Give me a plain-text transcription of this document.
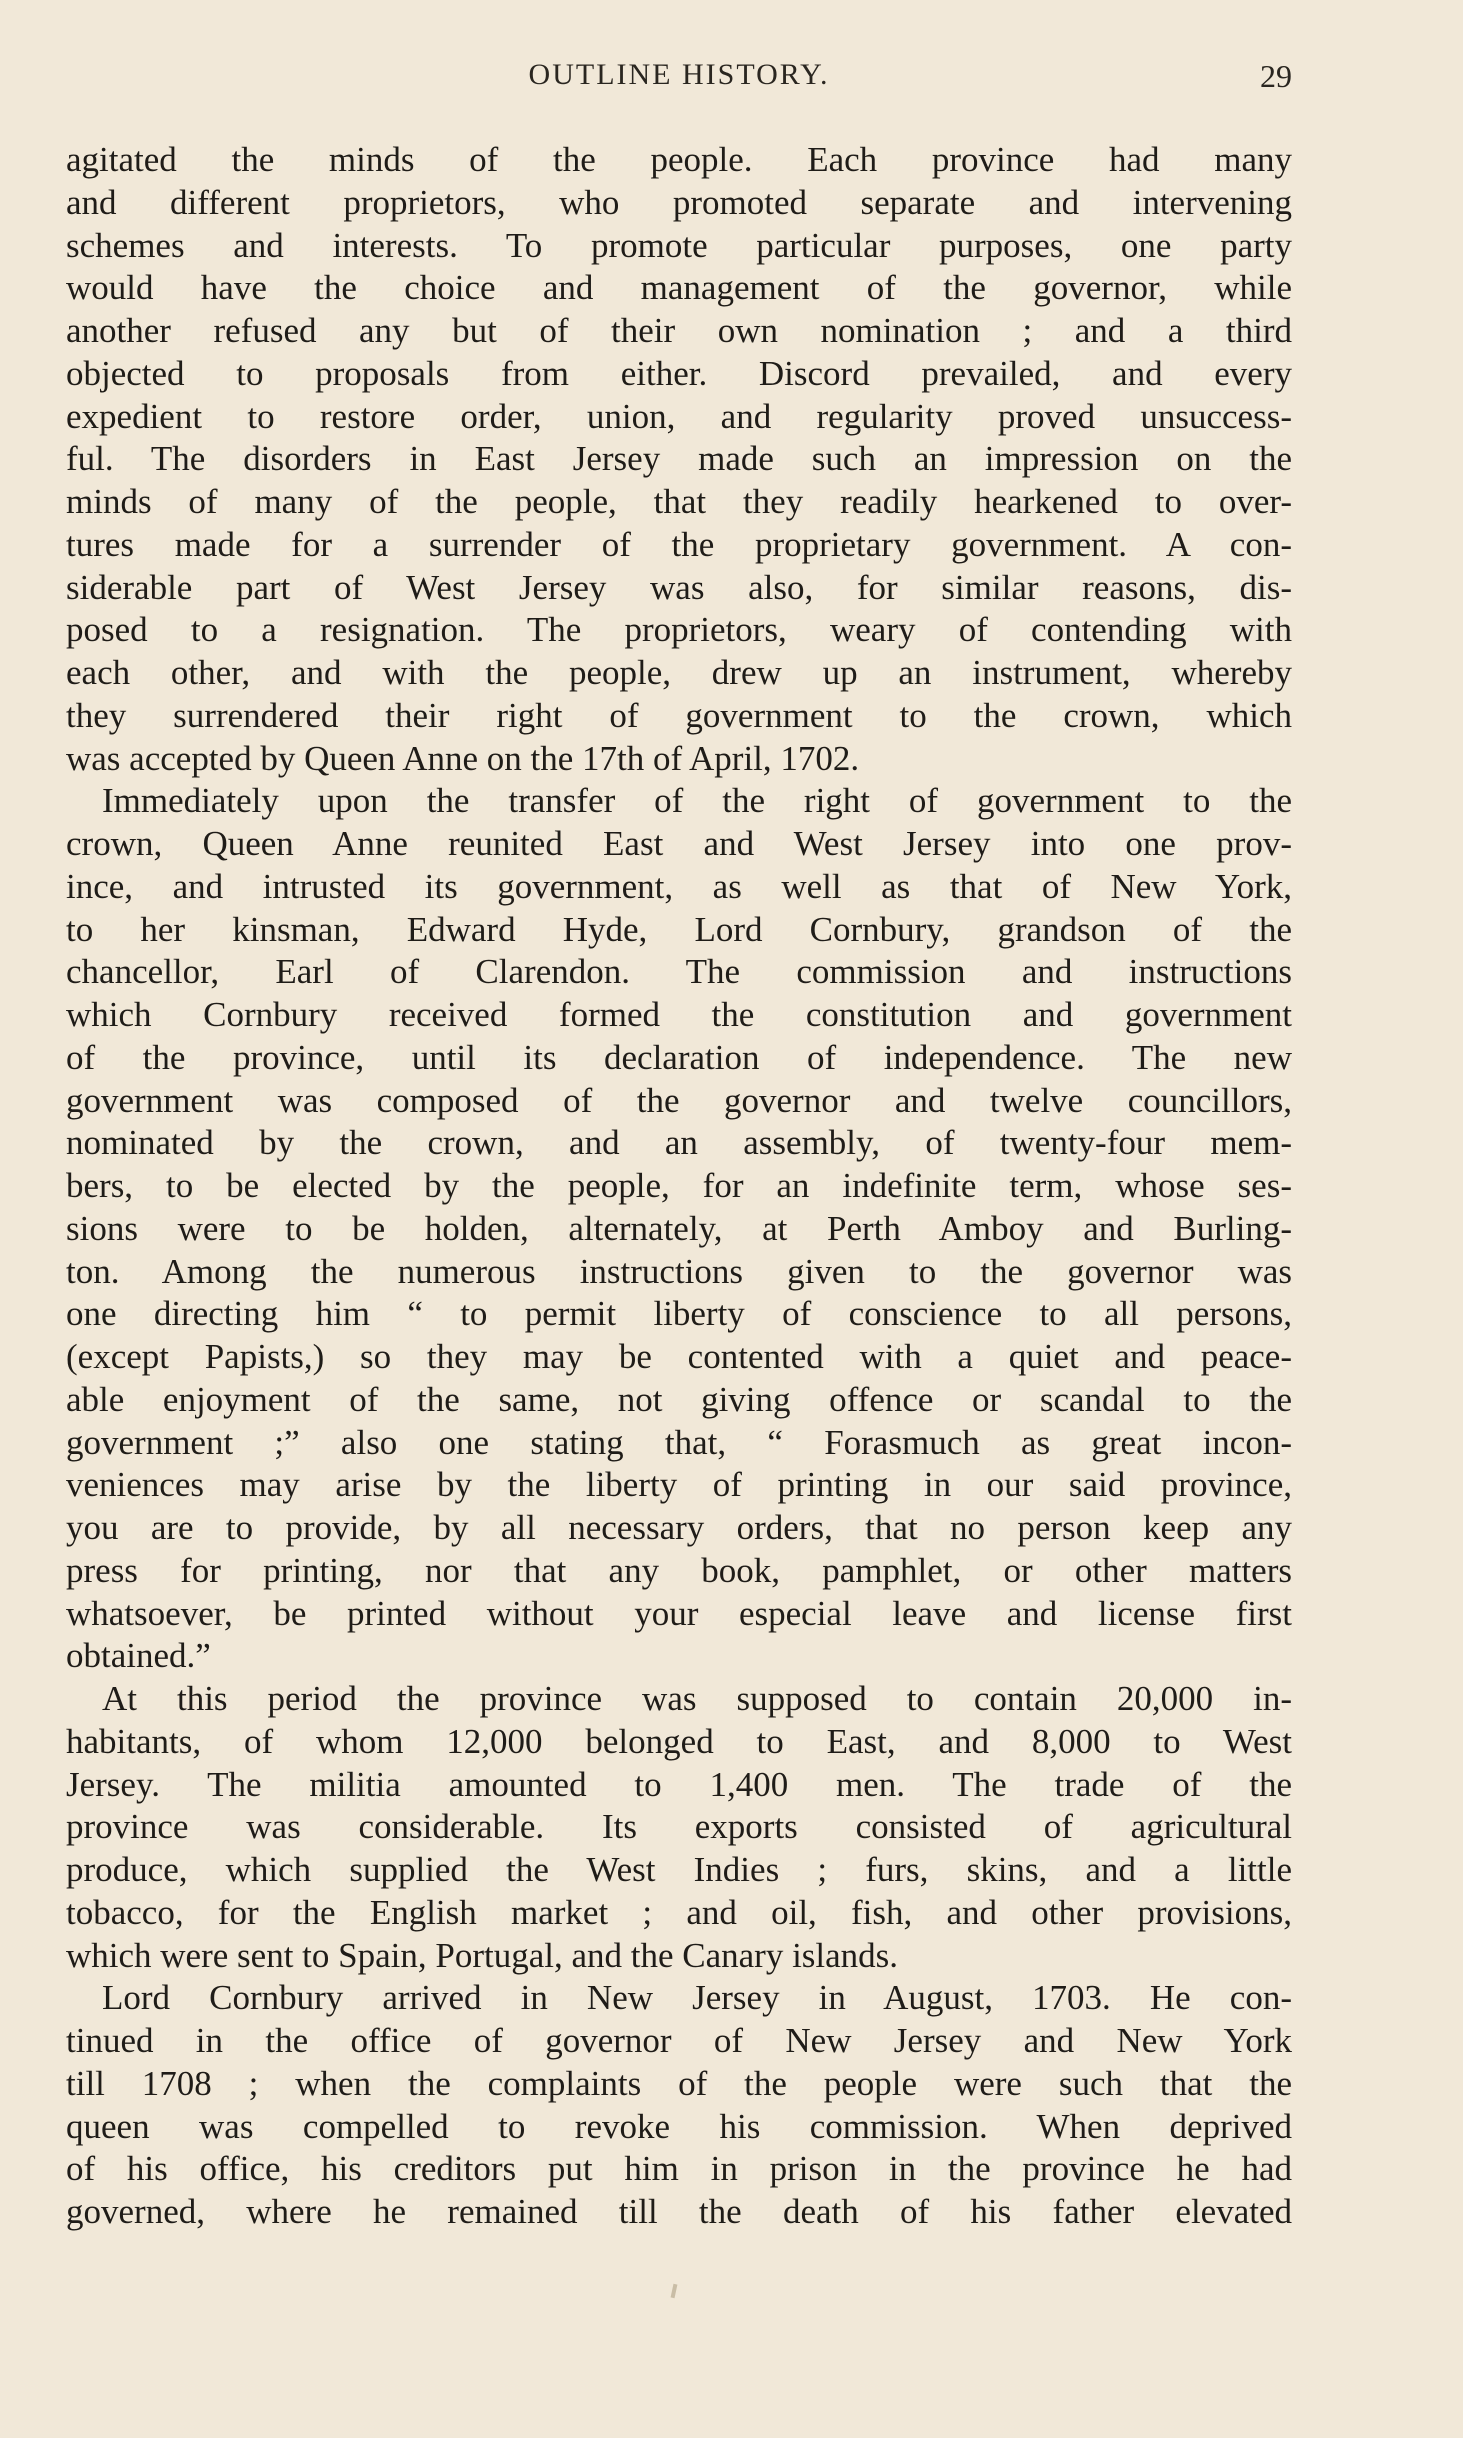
OUTLINE HISTORY.	29
agitated the minds of the people. Each province had many
and different proprietors, who promoted separate and intervening
schemes and interests. To promote particular purposes, one party
would have the choice and management of the governor, while
another refused any but of their own nomination ; and a third
objected to proposals from either. Discord prevailed, and every
expedient to restore order, union, and regularity proved unsuccess-
ful. The disorders in East Jersey made such an impression on the
minds of many of the people, that they readily hearkened to over-
tures made for a surrender of the proprietary government. A con-
siderable part of West Jersey was also, for similar reasons, dis-
posed to a resignation. The proprietors, weary of contending with
each other, and with the people, drew up an instrument, whereby
they surrendered their right of government to the crown, which
was accepted by Queen Anne on the 17th of April, 1702.
Immediately upon the transfer of the right of government to the
crown, Queen Anne reunited East and West Jersey into one prov-
ince, and intrusted its government, as well as that of New York,
to her kinsman, Edward Hyde, Lord Cornbury, grandson of the
chancellor, Earl of Clarendon. The commission and instructions
which Cornbury received formed the constitution and government
of the province, until its declaration of independence. The new
government was composed of the governor and twelve councillors,
nominated by the crown, and an assembly, of twenty-four mem-
bers, to be elected by the people, for an indefinite term, whose ses-
sions were to be holden, alternately, at Perth Amboy and Burling-
ton. Among the numerous instructions given to the governor was
one directing him “ to permit liberty of conscience to all persons,
(except Papists,) so they may be contented with a quiet and peace-
able enjoyment of the same, not giving offence or scandal to the
government ;” also one stating that, “ Forasmuch as great incon-
veniences may arise by the liberty of printing in our said province,
you are to provide, by all necessary orders, that no person keep any
press for printing, nor that any book, pamphlet, or other matters
whatsoever, be printed without your especial leave and license first
obtained.”
At this period the province was supposed to contain 20,000 in-
habitants, of whom 12,000 belonged to East, and 8,000 to West
Jersey. The militia amounted to 1,400 men. The trade of the
province was considerable. Its exports consisted of agricultural
produce, which supplied the West Indies ; furs, skins, and a little
tobacco, for the English market ; and oil, fish, and other provisions,
which were sent to Spain, Portugal, and the Canary islands.
Lord Cornbury arrived in New Jersey in August, 1703. He con-
tinued in the office of governor of New Jersey and New York
till 1708 ; when the complaints of the people were such that the
queen was compelled to revoke his commission. When deprived
of his office, his creditors put him in prison in the province he had
governed, where he remained till the death of his father elevated
